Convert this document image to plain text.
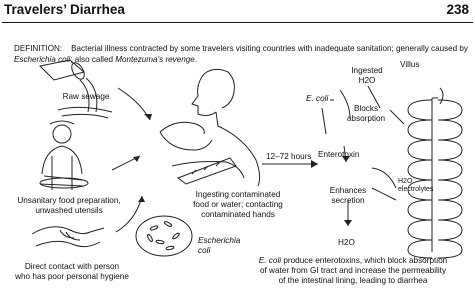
Travelers’ Diarrhea	238
DEFINITION: Bacterial illness contracted by some travelers visiting countries with inadequate sanitation; generally caused by Escherichia coli; also called Montezuma’s revenge.
Raw sewage
Unsanitary food preparation,
unwashed utensils
Direct contact with person
who has poor personal hygiene
Ingesting contaminated
food or water; contacting
contaminated hands
12–72 hours
Escherichia
coli
Ingested
H2O
Villus
E. coli
Blocks
absorption
Enterotoxin
Enhances
secretion
H2O
electrolytes
H2O
E. coli produce enterotoxins, which block absorption
of water from GI tract and increase the permeability
of the intestinal lining, leading to diarrhea
